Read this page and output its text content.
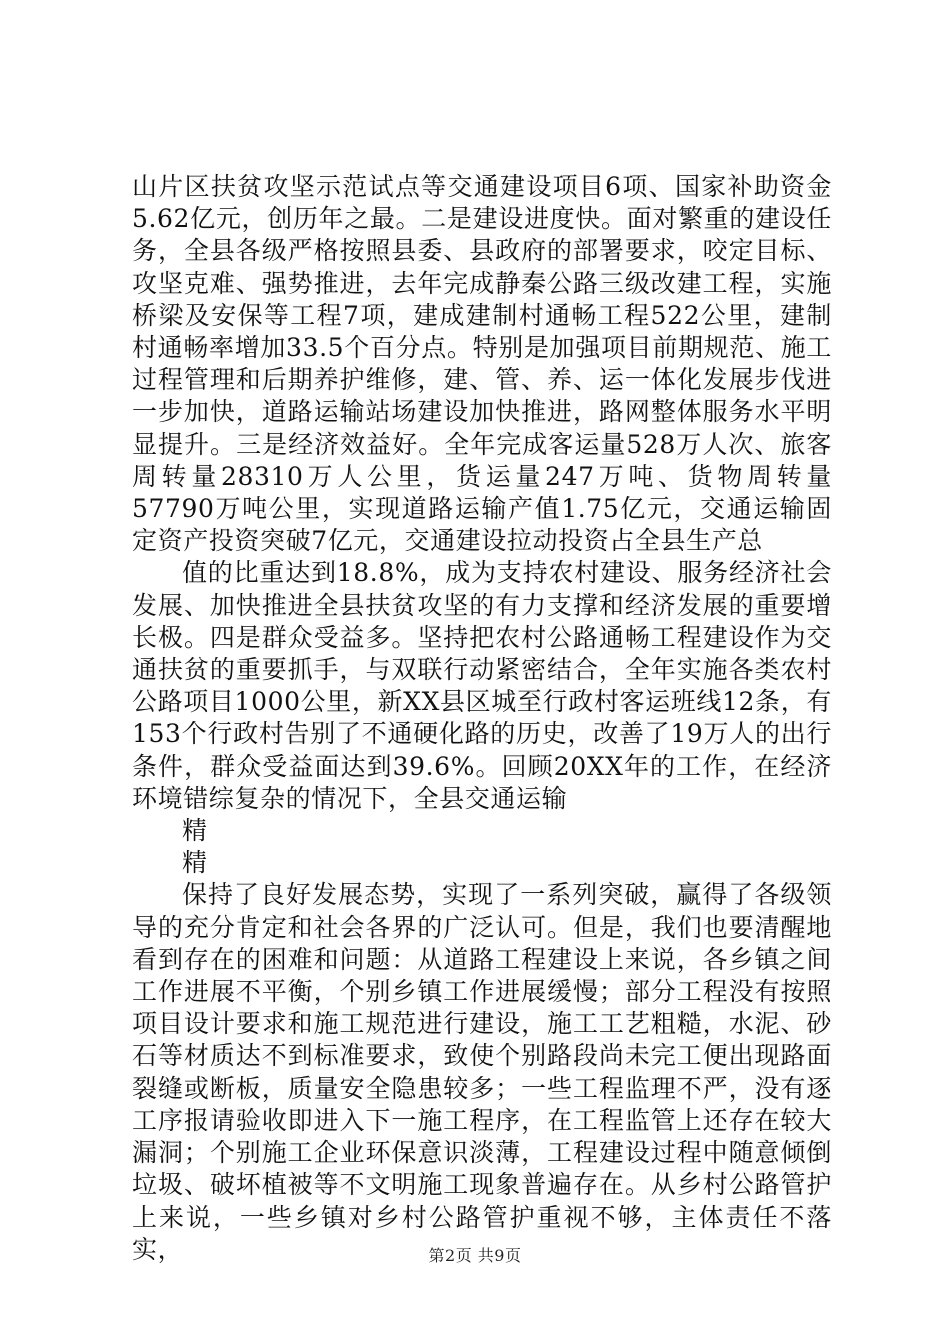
山片区扶贫攻坚示范试点等交通建设项目6项、国家补助资金5.62亿元，创历年之最。二是建设进度快。面对繁重的建设任务，全县各级严格按照县委、县政府的部署要求，咬定目标、攻坚克难、强势推进，去年完成静秦公路三级改建工程，实施桥梁及安保等工程7项，建成建制村通畅工程522公里，建制村通畅率增加33.5个百分点。特别是加强项目前期规范、施工过程管理和后期养护维修，建、管、养、运一体化发展步伐进一步加快，道路运输站场建设加快推进，路网整体服务水平明显提升。三是经济效益好。全年完成客运量528万人次、旅客周转量28310万人公里，货运量247万吨、货物周转量57790万吨公里，实现道路运输产值1.75亿元，交通运输固定资产投资突破7亿元，交通建设拉动投资占全县生产总

值的比重达到18.8%，成为支持农村建设、服务经济社会发展、加快推进全县扶贫攻坚的有力支撑和经济发展的重要增长极。四是群众受益多。坚持把农村公路通畅工程建设作为交通扶贫的重要抓手，与双联行动紧密结合，全年实施各类农村公路项目1000公里，新XX县区城至行政村客运班线12条，有153个行政村告别了不通硬化路的历史，改善了19万人的出行条件，群众受益面达到39.6%。回顾20XX年的工作，在经济环境错综复杂的情况下，全县交通运输

精

精

保持了良好发展态势，实现了一系列突破，赢得了各级领导的充分肯定和社会各界的广泛认可。但是，我们也要清醒地看到存在的困难和问题：从道路工程建设上来说，各乡镇之间工作进展不平衡，个别乡镇工作进展缓慢；部分工程没有按照项目设计要求和施工规范进行建设，施工工艺粗糙，水泥、砂石等材质达不到标准要求，致使个别路段尚未完工便出现路面裂缝或断板，质量安全隐患较多；一些工程监理不严，没有逐工序报请验收即进入下一施工程序，在工程监管上还存在较大漏洞；个别施工企业环保意识淡薄，工程建设过程中随意倾倒垃圾、破坏植被等不文明施工现象普遍存在。从乡村公路管护上来说，一些乡镇对乡村公路管护重视不够，主体责任不落实，	第2页 共9页
